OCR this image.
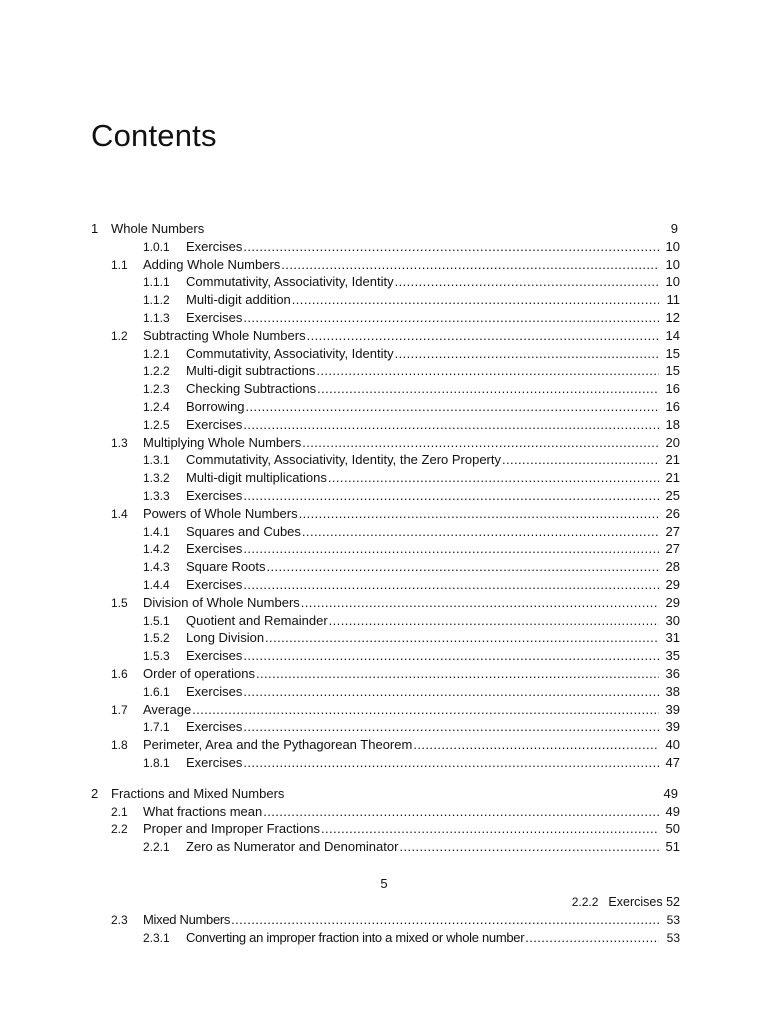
Contents
1 Whole Numbers	9
1.0.1	Exercises .....	10
1.1	Adding Whole Numbers .....	10
1.1.1	Commutativity, Associativity, Identity .....	10
1.1.2	Multi-digit addition .....	11
1.1.3	Exercises .....	12
1.2	Subtracting Whole Numbers .....	14
1.2.1	Commutativity, Associativity, Identity .....	15
1.2.2	Multi-digit subtractions .....	15
1.2.3	Checking Subtractions .....	16
1.2.4	Borrowing .....	16
1.2.5	Exercises .....	18
1.3	Multiplying Whole Numbers .....	20
1.3.1	Commutativity, Associativity, Identity, the Zero Property .....	21
1.3.2	Multi-digit multiplications .....	21
1.3.3	Exercises .....	25
1.4	Powers of Whole Numbers .....	26
1.4.1	Squares and Cubes .....	27
1.4.2	Exercises .....	27
1.4.3	Square Roots .....	28
1.4.4	Exercises .....	29
1.5	Division of Whole Numbers .....	29
1.5.1	Quotient and Remainder .....	30
1.5.2	Long Division .....	31
1.5.3	Exercises .....	35
1.6	Order of operations .....	36
1.6.1	Exercises .....	38
1.7	Average .....	39
1.7.1	Exercises .....	39
1.8	Perimeter, Area and the Pythagorean Theorem .....	40
1.8.1	Exercises .....	47
2 Fractions and Mixed Numbers	49
2.1	What fractions mean .....	49
2.2	Proper and Improper Fractions .....	50
2.2.1	Zero as Numerator and Denominator .....	51
5
2.2.2 Exercises 52
2.3	Mixed Numbers .....	53
2.3.1	Converting an improper fraction into a mixed or whole number .....	53
